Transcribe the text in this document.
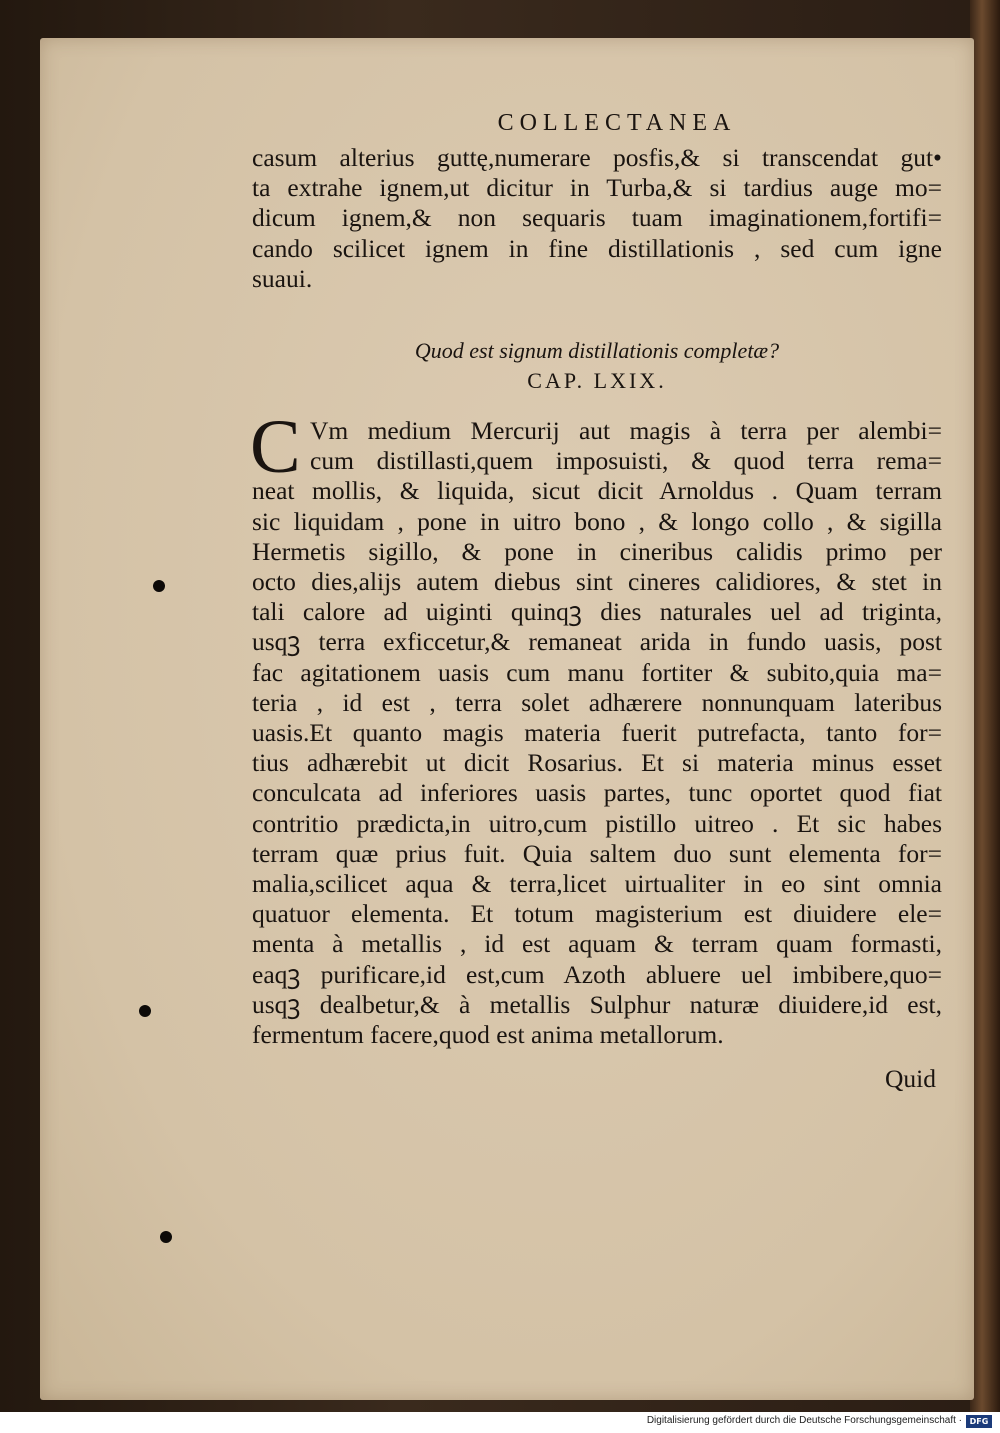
COLLECTANEA

casum alterius guttę,numerare posfis,& si transcendat gut•

ta extrahe ignem,ut dicitur in Turba,& si tardius auge mo=

dicum ignem,& non sequaris tuam imaginationem,fortifi=

cando scilicet ignem in fine distillationis , sed cum igne

suaui.

Quod est signum distillationis completæ?
CAP. LXIX.
C Vm medium Mercurij aut magis à terra per alembi=

cum distillasti,quem imposuisti, & quod terra rema=

neat mollis, & liquida, sicut dicit Arnoldus . Quam terram

sic liquidam , pone in uitro bono , & longo collo , & sigilla

Hermetis sigillo, & pone in cineribus calidis primo per

octo dies,alijs autem diebus sint cineres calidiores, & stet in

tali calore ad uiginti quinqꝫ dies naturales uel ad triginta,

usqꝫ terra exficcetur,& remaneat arida in fundo uasis, post

fac agitationem uasis cum manu fortiter & subito,quia ma=

teria , id est , terra solet adhærere nonnunquam lateribus

uasis.Et quanto magis materia fuerit putrefacta, tanto for=

tius adhærebit ut dicit Rosarius. Et si materia minus esset

conculcata ad inferiores uasis partes, tunc oportet quod fiat

contritio prædicta,in uitro,cum pistillo uitreo . Et sic habes

terram quæ prius fuit. Quia saltem duo sunt elementa for=

malia,scilicet aqua & terra,licet uirtualiter in eo sint omnia

quatuor elementa. Et totum magisterium est diuidere ele=

menta à metallis , id est aquam & terram quam formasti,

eaqꝫ purificare,id est,cum Azoth abluere uel imbibere,quo=

usqꝫ dealbetur,& à metallis Sulphur naturæ diuidere,id est,

fermentum facere,quod est anima metallorum.

Quid
Digitalisierung gefördert durch die Deutsche Forschungsgemeinschaft · DFG
